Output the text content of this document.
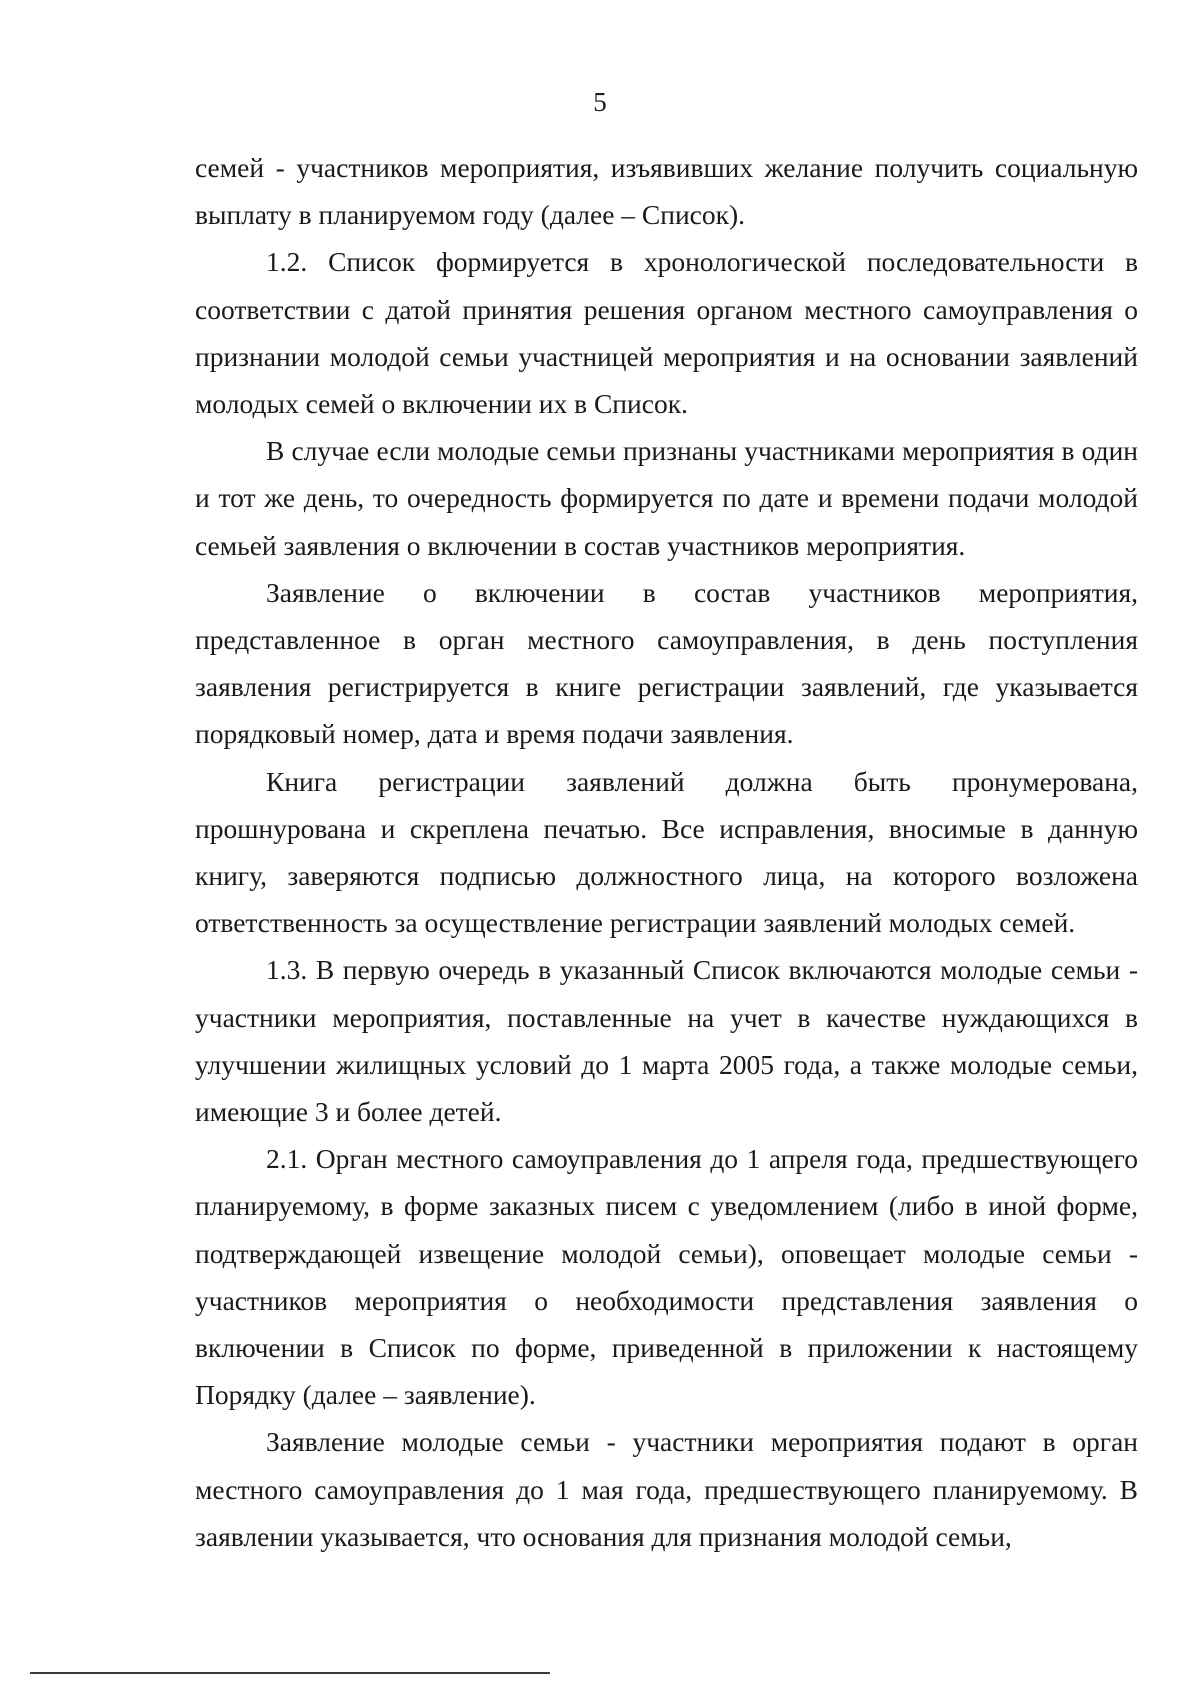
5

семей - участников мероприятия, изъявивших желание получить социальную выплату в планируемом году (далее – Список).

1.2. Список формируется в хронологической последовательности в соответствии с датой принятия решения органом местного самоуправления о признании молодой семьи участницей мероприятия и на основании заявлений молодых семей о включении их в Список.

В случае если молодые семьи признаны участниками мероприятия в один и тот же день, то очередность формируется по дате и времени подачи молодой семьей заявления о включении в состав участников мероприятия.

Заявление о включении в состав участников мероприятия, представленное в орган местного самоуправления, в день поступления заявления регистрируется в книге регистрации заявлений, где указывается порядковый номер, дата и время подачи заявления.

Книга регистрации заявлений должна быть пронумерована, прошнурована и скреплена печатью. Все исправления, вносимые в данную книгу, заверяются подписью должностного лица, на которого возложена ответственность за осуществление регистрации заявлений молодых семей.

1.3. В первую очередь в указанный Список включаются молодые семьи - участники мероприятия, поставленные на учет в качестве нуждающихся в улучшении жилищных условий до 1 марта 2005 года, а также молодые семьи, имеющие 3 и более детей.

2.1. Орган местного самоуправления до 1 апреля года, предшествующего планируемому, в форме заказных писем с уведомлением (либо в иной форме, подтверждающей извещение молодой семьи), оповещает молодые семьи - участников мероприятия о необходимости представления заявления о включении в Список по форме, приведенной в приложении к настоящему Порядку (далее – заявление).

Заявление молодые семьи - участники мероприятия подают в орган местного самоуправления до 1 мая года, предшествующего планируемому. В заявлении указывается, что основания для признания молодой семьи,
